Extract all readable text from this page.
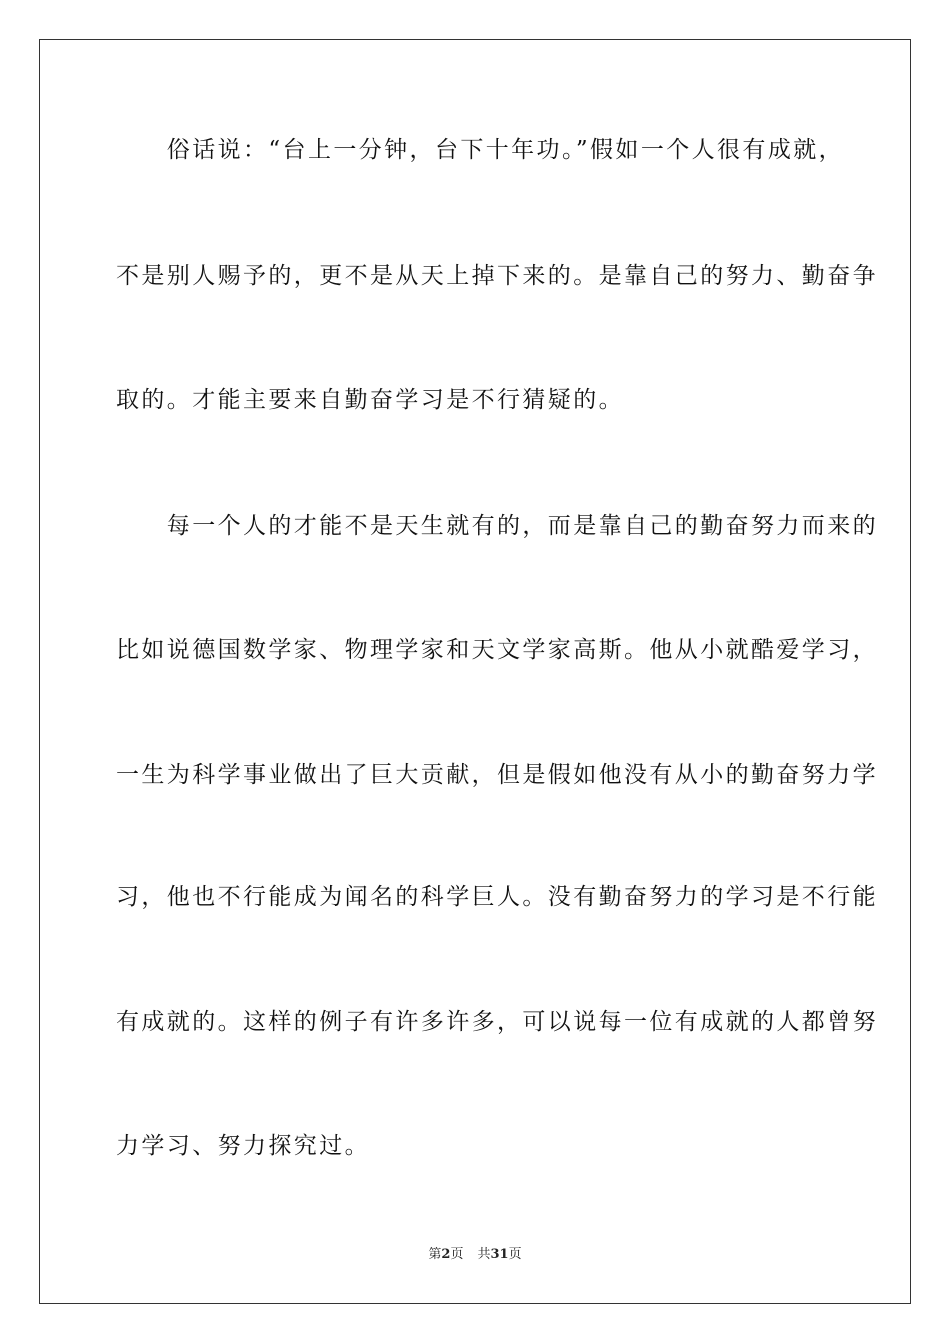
　　俗话说：“台上一分钟，台下十年功。”假如一个人很有成就，
不是别人赐予的，更不是从天上掉下来的。是靠自己的努力、勤奋争
取的。才能主要来自勤奋学习是不行猜疑的。
　　每一个人的才能不是天生就有的，而是靠自己的勤奋努力而来的
比如说德国数学家、物理学家和天文学家高斯。他从小就酷爱学习，
一生为科学事业做出了巨大贡献，但是假如他没有从小的勤奋努力学
习，他也不行能成为闻名的科学巨人。没有勤奋努力的学习是不行能
有成就的。这样的例子有许多许多，可以说每一位有成就的人都曾努
力学习、努力探究过。
第2页 共31页
